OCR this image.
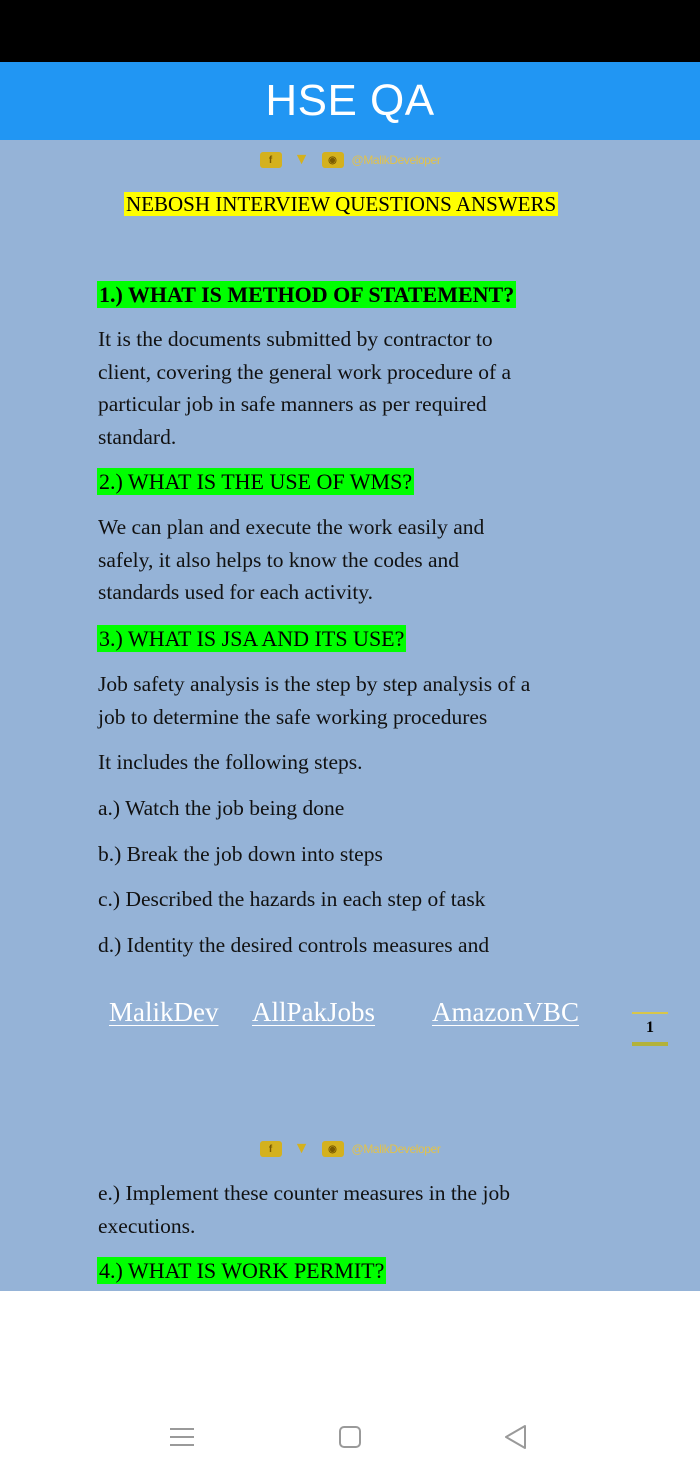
HSE QA
f	▼	◉	@MalikDeveloper
NEBOSH INTERVIEW QUESTIONS ANSWERS
1.) WHAT IS METHOD OF STATEMENT?

It is the documents submitted by contractor to
client, covering the general work procedure of a
particular job in safe manners as per required
standard.

2.) WHAT IS THE USE OF WMS?

We can plan and execute the work easily and
safely, it also helps to know the codes and
standards used for each activity.

3.) WHAT IS JSA AND ITS USE?

Job safety analysis is the step by step analysis of a
job to determine the safe working procedures

It includes the following steps.

a.) Watch the job being done

b.) Break the job down into steps

c.) Described the hazards in each step of task

d.) Identity the desired controls measures and

MalikDev AllPakJobs AmazonVBC
1
f	▼	◉	@MalikDeveloper

e.) Implement these counter measures in the job
executions.

4.) WHAT IS WORK PERMIT?
